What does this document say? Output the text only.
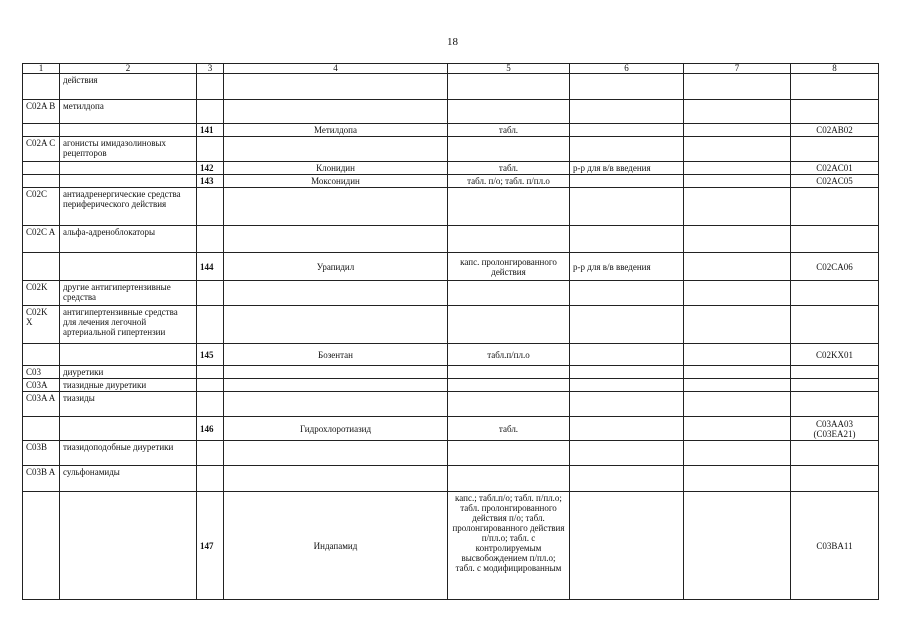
18
1	2	3	4	5	6	7	8
	действия						
C02A B	метилдопа						
		141	Метилдопа	табл.			C02AB02
C02A C	агонисты имидазолиновых рецепторов						
		142	Клонидин	табл.	р-р для в/в введения		C02AC01
		143	Моксонидин	табл. п/о; табл. п/пл.о			C02AC05
C02C	антиадренергические средства периферического действия						
C02C A	альфа-адреноблокаторы						
		144	Урапидил	капс. пролонгированного действия	р-р для в/в введения		C02CA06
C02K	другие антигипертензивные средства						
C02K X	антигипертензивные средства для лечения легочной артериальной гипертензии						
		145	Бозентан	табл.п/пл.о			C02KX01
C03	диуретики						
C03A	тиазидные диуретики						
C03A A	тиазиды						
		146	Гидрохлоротиазид	табл.			C03AA03 (C03EA21)
C03B	тиазидоподобные диуретики						
C03B A	сульфонамиды						
		147	Индапамид	капс.; табл.п/о; табл. п/пл.о; табл. пролонгированного действия п/о; табл. пролонгированного действия п/пл.о; табл. с контролируемым высвобождением п/пл.о; табл. с модифицированным			C03BA11
